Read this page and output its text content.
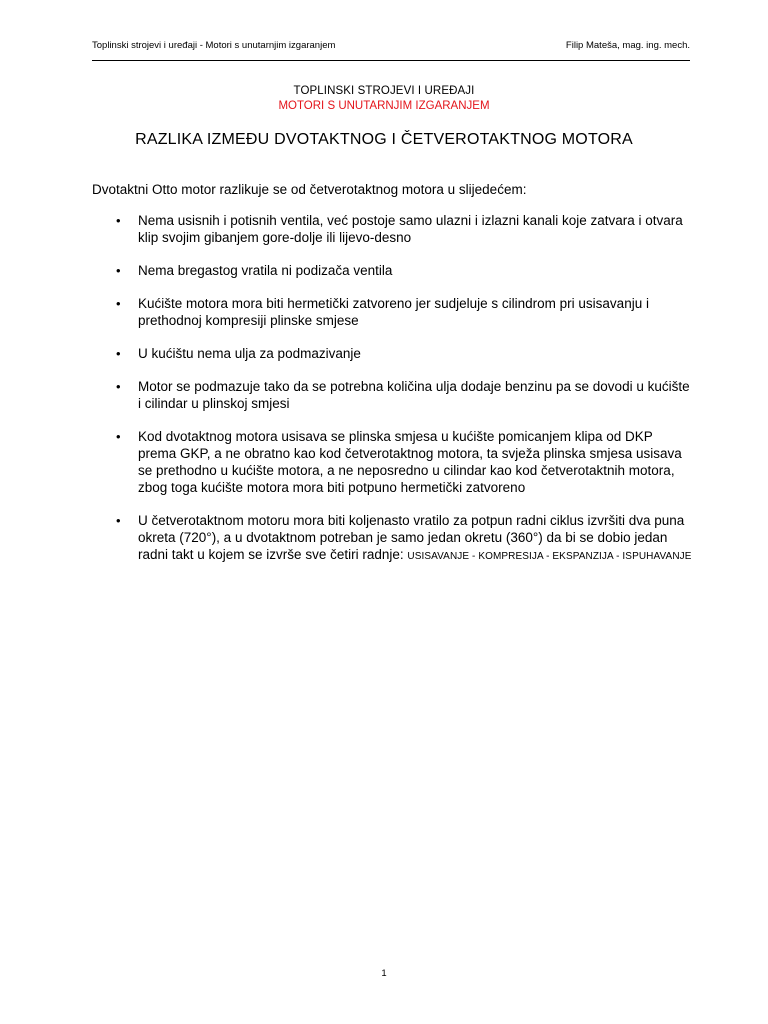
Toplinski strojevi i uređaji - Motori s unutarnjim izgaranjem	Filip Mateša, mag. ing. mech.
TOPLINSKI STROJEVI I UREĐAJI
MOTORI S UNUTARNJIM IZGARANJEM
RAZLIKA IZMEĐU DVOTAKTNOG I ČETVEROTAKTNOG MOTORA
Dvotaktni Otto motor razlikuje se od četverotaktnog motora u slijedećem:
• Nema usisnih i potisnih ventila, već postoje samo ulazni i izlazni kanali koje zatvara i otvara klip svojim gibanjem gore-dolje ili lijevo-desno
• Nema bregastog vratila ni podizača ventila
• Kućište motora mora biti hermetički zatvoreno jer sudjeluje s cilindrom pri usisavanju i prethodnoj kompresiji plinske smjese
• U kućištu nema ulja za podmazivanje
• Motor se podmazuje tako da se potrebna količina ulja dodaje benzinu pa se dovodi u kućište i cilindar u plinskoj smjesi
• Kod dvotaktnog motora usisava se plinska smjesa u kućište pomicanjem klipa od DKP prema GKP, a ne obratno kao kod četverotaktnog motora, ta svježa plinska smjesa usisava se prethodno u kućište motora, a ne neposredno u cilindar kao kod četverotaktnih motora, zbog toga kućište motora mora biti potpuno hermetički zatvoreno
• U četverotaktnom motoru mora biti koljenasto vratilo za potpun radni ciklus izvršiti dva puna okreta (720°), a u dvotaktnom potreban je samo jedan okretu (360°) da bi se dobio jedan radni takt u kojem se izvrše sve četiri radnje: USISAVANJE - KOMPRESIJA - EKSPANZIJA - ISPUHAVANJE
1
